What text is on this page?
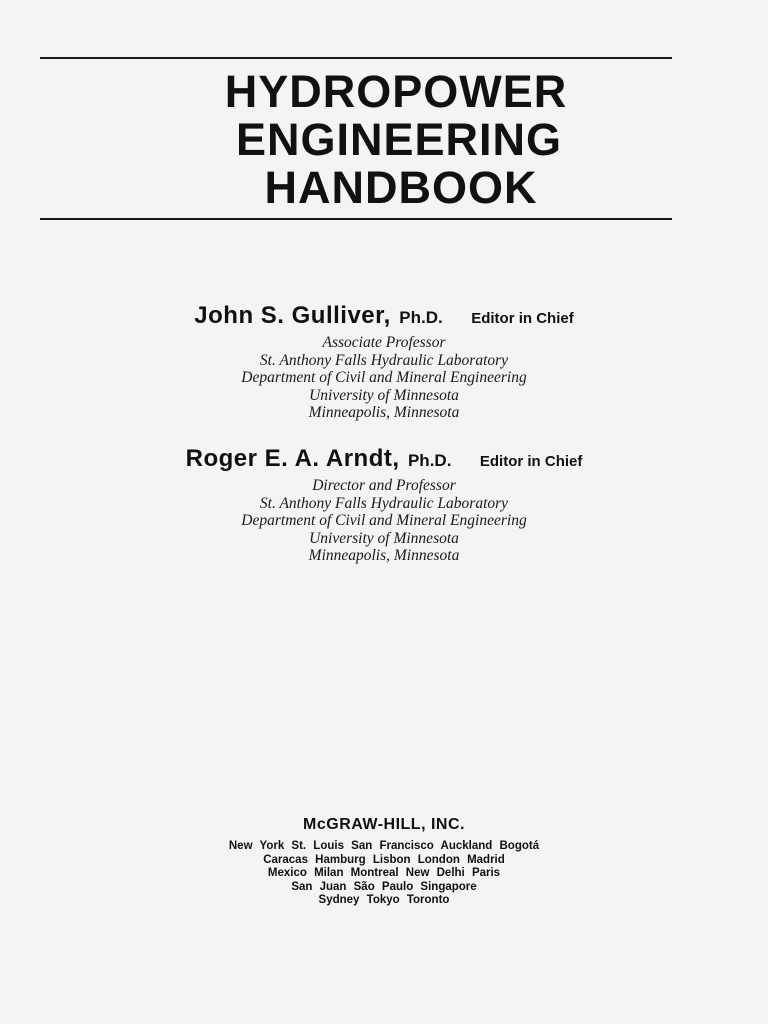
HYDROPOWER
ENGINEERING
HANDBOOK
John S. Gulliver, Ph.D. Editor in Chief
Associate Professor
St. Anthony Falls Hydraulic Laboratory
Department of Civil and Mineral Engineering
University of Minnesota
Minneapolis, Minnesota
Roger E. A. Arndt, Ph.D. Editor in Chief
Director and Professor
St. Anthony Falls Hydraulic Laboratory
Department of Civil and Mineral Engineering
University of Minnesota
Minneapolis, Minnesota
McGRAW-HILL, INC.
New York St. Louis San Francisco Auckland Bogotá
Caracas Hamburg Lisbon London Madrid
Mexico Milan Montreal New Delhi Paris
San Juan São Paulo Singapore
Sydney Tokyo Toronto
